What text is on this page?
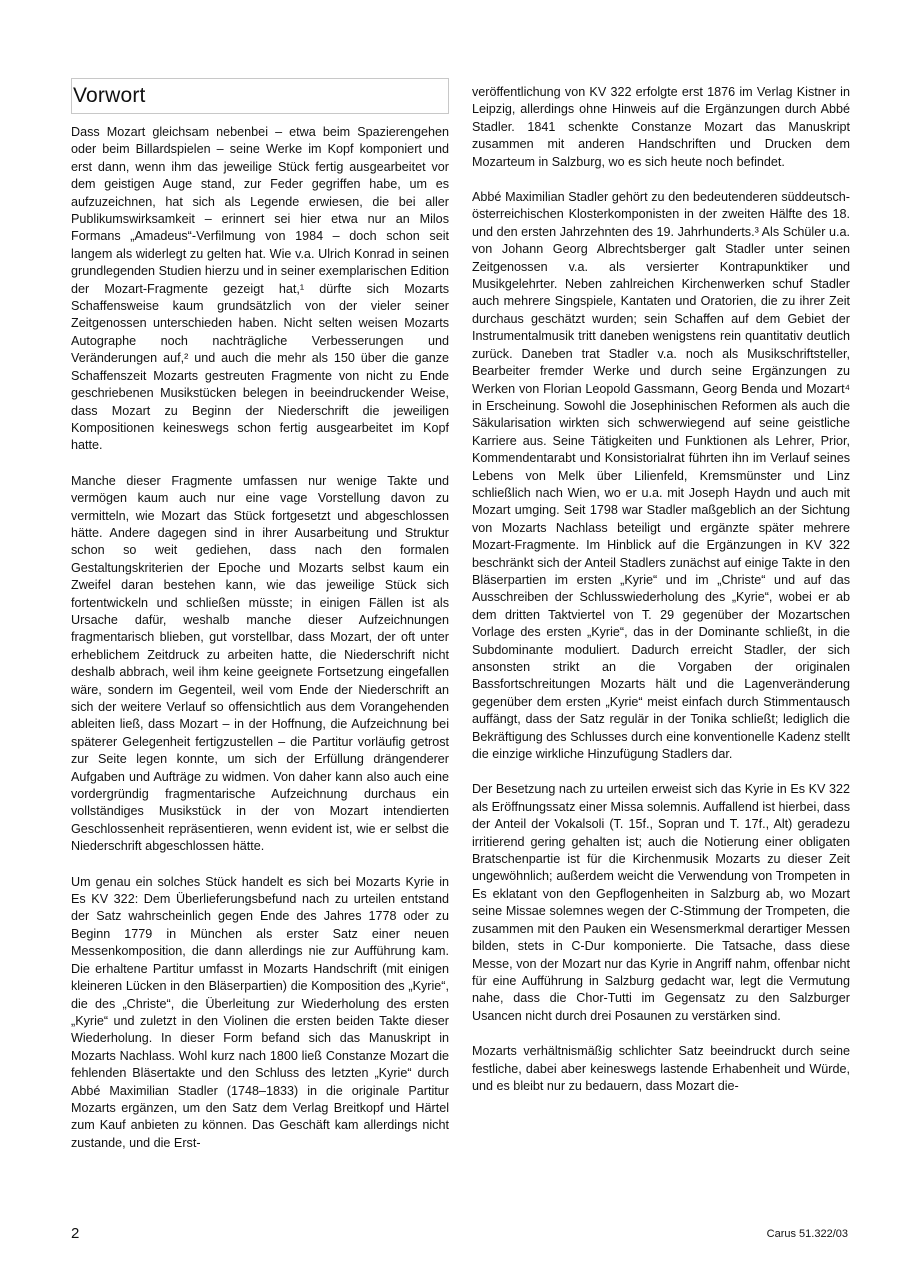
Vorwort

Dass Mozart gleichsam nebenbei – etwa beim Spazierengehen oder beim Billardspielen – seine Werke im Kopf komponiert und erst dann, wenn ihm das jeweilige Stück fertig ausgearbeitet vor dem geistigen Auge stand, zur Feder gegriffen habe, um es aufzuzeichnen, hat sich als Legende erwiesen, die bei aller Publikumswirksamkeit – erinnert sei hier etwa nur an Milos Formans „Amadeus“-Verfilmung von 1984 – doch schon seit langem als widerlegt zu gelten hat. Wie v.a. Ulrich Konrad in seinen grundlegenden Studien hierzu und in seiner exemplarischen Edition der Mozart-Fragmente gezeigt hat,¹ dürfte sich Mozarts Schaffensweise kaum grundsätzlich von der vieler seiner Zeitgenossen unterschieden haben. Nicht selten weisen Mozarts Autographe noch nachträgliche Verbesserungen und Veränderungen auf,² und auch die mehr als 150 über die ganze Schaffenszeit Mozarts gestreuten Fragmente von nicht zu Ende geschriebenen Musikstücken belegen in beeindruckender Weise, dass Mozart zu Beginn der Niederschrift die jeweiligen Kompositionen keineswegs schon fertig ausgearbeitet im Kopf hatte.

Manche dieser Fragmente umfassen nur wenige Takte und vermögen kaum auch nur eine vage Vorstellung davon zu vermitteln, wie Mozart das Stück fortgesetzt und abgeschlossen hätte. Andere dagegen sind in ihrer Ausarbeitung und Struktur schon so weit gediehen, dass nach den formalen Gestaltungskriterien der Epoche und Mozarts selbst kaum ein Zweifel daran bestehen kann, wie das jeweilige Stück sich fortentwickeln und schließen müsste; in einigen Fällen ist als Ursache dafür, weshalb manche dieser Aufzeichnungen fragmentarisch blieben, gut vorstellbar, dass Mozart, der oft unter erheblichem Zeitdruck zu arbeiten hatte, die Niederschrift nicht deshalb abbrach, weil ihm keine geeignete Fortsetzung eingefallen wäre, sondern im Gegenteil, weil vom Ende der Niederschrift an sich der weitere Verlauf so offensichtlich aus dem Vorangehenden ableiten ließ, dass Mozart – in der Hoffnung, die Aufzeichnung bei späterer Gelegenheit fertigzustellen – die Partitur vorläufig getrost zur Seite legen konnte, um sich der Erfüllung drängenderer Aufgaben und Aufträge zu widmen. Von daher kann also auch eine vordergründig fragmentarische Aufzeichnung durchaus ein vollständiges Musikstück in der von Mozart intendierten Geschlossenheit repräsentieren, wenn evident ist, wie er selbst die Niederschrift abgeschlossen hätte.

Um genau ein solches Stück handelt es sich bei Mozarts Kyrie in Es KV 322: Dem Überlieferungsbefund nach zu urteilen entstand der Satz wahrscheinlich gegen Ende des Jahres 1778 oder zu Beginn 1779 in München als erster Satz einer neuen Messenkomposition, die dann allerdings nie zur Aufführung kam. Die erhaltene Partitur umfasst in Mozarts Handschrift (mit einigen kleineren Lücken in den Bläserpartien) die Komposition des „Kyrie“, die des „Christe“, die Überleitung zur Wiederholung des ersten „Kyrie“ und zuletzt in den Violinen die ersten beiden Takte dieser Wiederholung. In dieser Form befand sich das Manuskript in Mozarts Nachlass. Wohl kurz nach 1800 ließ Constanze Mozart die fehlenden Bläsertakte und den Schluss des letzten „Kyrie“ durch Abbé Maximilian Stadler (1748–1833) in die originale Partitur Mozarts ergänzen, um den Satz dem Verlag Breitkopf und Härtel zum Kauf anbieten zu können. Das Geschäft kam allerdings nicht zustande, und die Erst-

veröffentlichung von KV 322 erfolgte erst 1876 im Verlag Kistner in Leipzig, allerdings ohne Hinweis auf die Ergänzungen durch Abbé Stadler. 1841 schenkte Constanze Mozart das Manuskript zusammen mit anderen Handschriften und Drucken dem Mozarteum in Salzburg, wo es sich heute noch befindet.

Abbé Maximilian Stadler gehört zu den bedeutenderen süddeutsch-österreichischen Klosterkomponisten in der zweiten Hälfte des 18. und den ersten Jahrzehnten des 19. Jahrhunderts.³ Als Schüler u.a. von Johann Georg Albrechtsberger galt Stadler unter seinen Zeitgenossen v.a. als versierter Kontrapunktiker und Musikgelehrter. Neben zahlreichen Kirchenwerken schuf Stadler auch mehrere Singspiele, Kantaten und Oratorien, die zu ihrer Zeit durchaus geschätzt wurden; sein Schaffen auf dem Gebiet der Instrumentalmusik tritt daneben wenigstens rein quantitativ deutlich zurück. Daneben trat Stadler v.a. noch als Musikschriftsteller, Bearbeiter fremder Werke und durch seine Ergänzungen zu Werken von Florian Leopold Gassmann, Georg Benda und Mozart⁴ in Erscheinung. Sowohl die Josephinischen Reformen als auch die Säkularisation wirkten sich schwerwiegend auf seine geistliche Karriere aus. Seine Tätigkeiten und Funktionen als Lehrer, Prior, Kommendentarabt und Konsistorialrat führten ihn im Verlauf seines Lebens von Melk über Lilienfeld, Kremsmünster und Linz schließlich nach Wien, wo er u.a. mit Joseph Haydn und auch mit Mozart umging. Seit 1798 war Stadler maßgeblich an der Sichtung von Mozarts Nachlass beteiligt und ergänzte später mehrere Mozart-Fragmente. Im Hinblick auf die Ergänzungen in KV 322 beschränkt sich der Anteil Stadlers zunächst auf einige Takte in den Bläserpartien im ersten „Kyrie“ und im „Christe“ und auf das Ausschreiben der Schlusswiederholung des „Kyrie“, wobei er ab dem dritten Taktviertel von T. 29 gegenüber der Mozartschen Vorlage des ersten „Kyrie“, das in der Dominante schließt, in die Subdominante moduliert. Dadurch erreicht Stadler, der sich ansonsten strikt an die Vorgaben der originalen Bassfortschreitungen Mozarts hält und die Lagenveränderung gegenüber dem ersten „Kyrie“ meist einfach durch Stimmentausch auffängt, dass der Satz regulär in der Tonika schließt; lediglich die Bekräftigung des Schlusses durch eine konventionelle Kadenz stellt die einzige wirkliche Hinzufügung Stadlers dar.

Der Besetzung nach zu urteilen erweist sich das Kyrie in Es KV 322 als Eröffnungssatz einer Missa solemnis. Auffallend ist hierbei, dass der Anteil der Vokalsoli (T. 15f., Sopran und T. 17f., Alt) geradezu irritierend gering gehalten ist; auch die Notierung einer obligaten Bratschenpartie ist für die Kirchenmusik Mozarts zu dieser Zeit ungewöhnlich; außerdem weicht die Verwendung von Trompeten in Es eklatant von den Gepflogenheiten in Salzburg ab, wo Mozart seine Missae solemnes wegen der C-Stimmung der Trompeten, die zusammen mit den Pauken ein Wesensmerkmal derartiger Messen bilden, stets in C-Dur komponierte. Die Tatsache, dass diese Messe, von der Mozart nur das Kyrie in Angriff nahm, offenbar nicht für eine Aufführung in Salzburg gedacht war, legt die Vermutung nahe, dass die Chor-Tutti im Gegensatz zu den Salzburger Usancen nicht durch drei Posaunen zu verstärken sind.

Mozarts verhältnismäßig schlichter Satz beeindruckt durch seine festliche, dabei aber keineswegs lastende Erhabenheit und Würde, und es bleibt nur zu bedauern, dass Mozart die-

2	Carus 51.322/03
